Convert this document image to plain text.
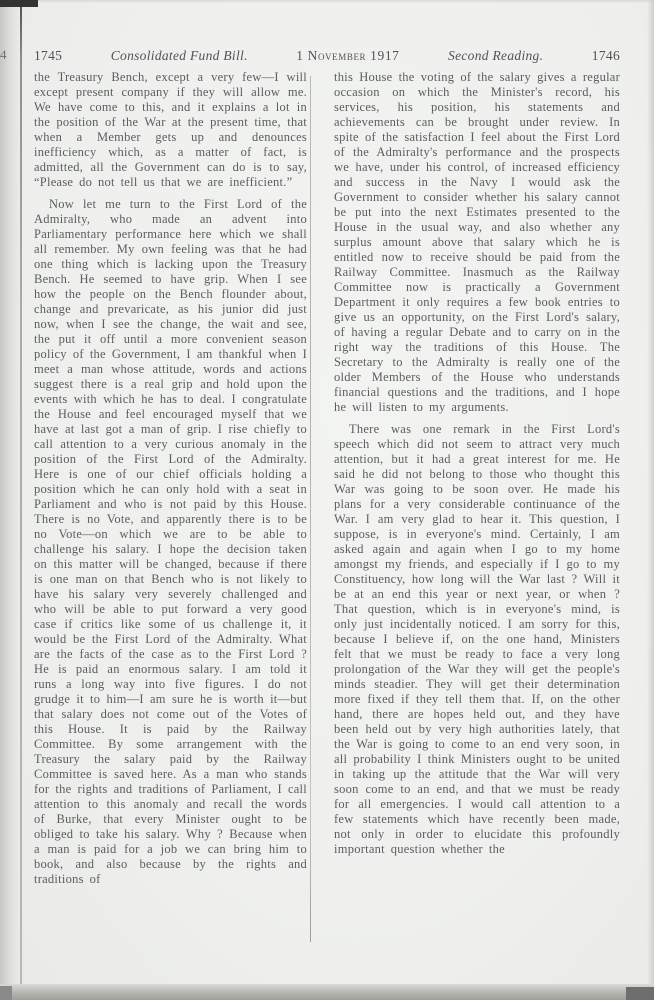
4 1745	Consolidated Fund Bill.	1 November 1917	Second Reading.	1746

the Treasury Bench, except a very few—I will except present company if they will allow me. We have come to this, and it explains a lot in the position of the War at the present time, that when a Member gets up and denounces inefficiency which, as a matter of fact, is admitted, all the Government can do is to say, “Please do not tell us that we are inefficient.”

Now let me turn to the First Lord of the Admiralty, who made an advent into Parliamentary performance here which we shall all remember. My own feeling was that he had one thing which is lacking upon the Treasury Bench. He seemed to have grip. When I see how the people on the Bench flounder about, change and prevaricate, as his junior did just now, when I see the change, the wait and see, the put it off until a more convenient season policy of the Government, I am thankful when I meet a man whose attitude, words and actions suggest there is a real grip and hold upon the events with which he has to deal. I congratulate the House and feel encouraged myself that we have at last got a man of grip. I rise chiefly to call attention to a very curious anomaly in the position of the First Lord of the Admiralty. Here is one of our chief officials holding a position which he can only hold with a seat in Parliament and who is not paid by this House. There is no Vote, and apparently there is to be no Vote—on which we are to be able to challenge his salary. I hope the decision taken on this matter will be changed, because if there is one man on that Bench who is not likely to have his salary very severely challenged and who will be able to put forward a very good case if critics like some of us challenge it, it would be the First Lord of the Admiralty. What are the facts of the case as to the First Lord ? He is paid an enormous salary. I am told it runs a long way into five figures. I do not grudge it to him—I am sure he is worth it—but that salary does not come out of the Votes of this House. It is paid by the Railway Committee. By some arrangement with the Treasury the salary paid by the Railway Committee is saved here. As a man who stands for the rights and traditions of Parliament, I call attention to this anomaly and recall the words of Burke, that every Minister ought to be obliged to take his salary. Why ? Because when a man is paid for a job we can bring him to book, and also because by the rights and traditions of

this House the voting of the salary gives a regular occasion on which the Minister's record, his services, his position, his statements and achievements can be brought under review. In spite of the satisfaction I feel about the First Lord of the Admiralty's performance and the prospects we have, under his control, of increased efficiency and success in the Navy I would ask the Government to consider whether his salary cannot be put into the next Estimates presented to the House in the usual way, and also whether any surplus amount above that salary which he is entitled now to receive should be paid from the Railway Committee. Inasmuch as the Railway Committee now is practically a Government Department it only requires a few book entries to give us an opportunity, on the First Lord's salary, of having a regular Debate and to carry on in the right way the traditions of this House. The Secretary to the Admiralty is really one of the older Members of the House who understands financial questions and the traditions, and I hope he will listen to my arguments.

There was one remark in the First Lord's speech which did not seem to attract very much attention, but it had a great interest for me. He said he did not belong to those who thought this War was going to be soon over. He made his plans for a very considerable continuance of the War. I am very glad to hear it. This question, I suppose, is in everyone's mind. Certainly, I am asked again and again when I go to my home amongst my friends, and especially if I go to my Constituency, how long will the War last ? Will it be at an end this year or next year, or when ? That question, which is in everyone's mind, is only just incidentally noticed. I am sorry for this, because I believe if, on the one hand, Ministers felt that we must be ready to face a very long prolongation of the War they will get the people's minds steadier. They will get their determination more fixed if they tell them that. If, on the other hand, there are hopes held out, and they have been held out by very high authorities lately, that the War is going to come to an end very soon, in all probability I think Ministers ought to be united in taking up the attitude that the War will very soon come to an end, and that we must be ready for all emergencies. I would call attention to a few statements which have recently been made, not only in order to elucidate this profoundly important question whether the
